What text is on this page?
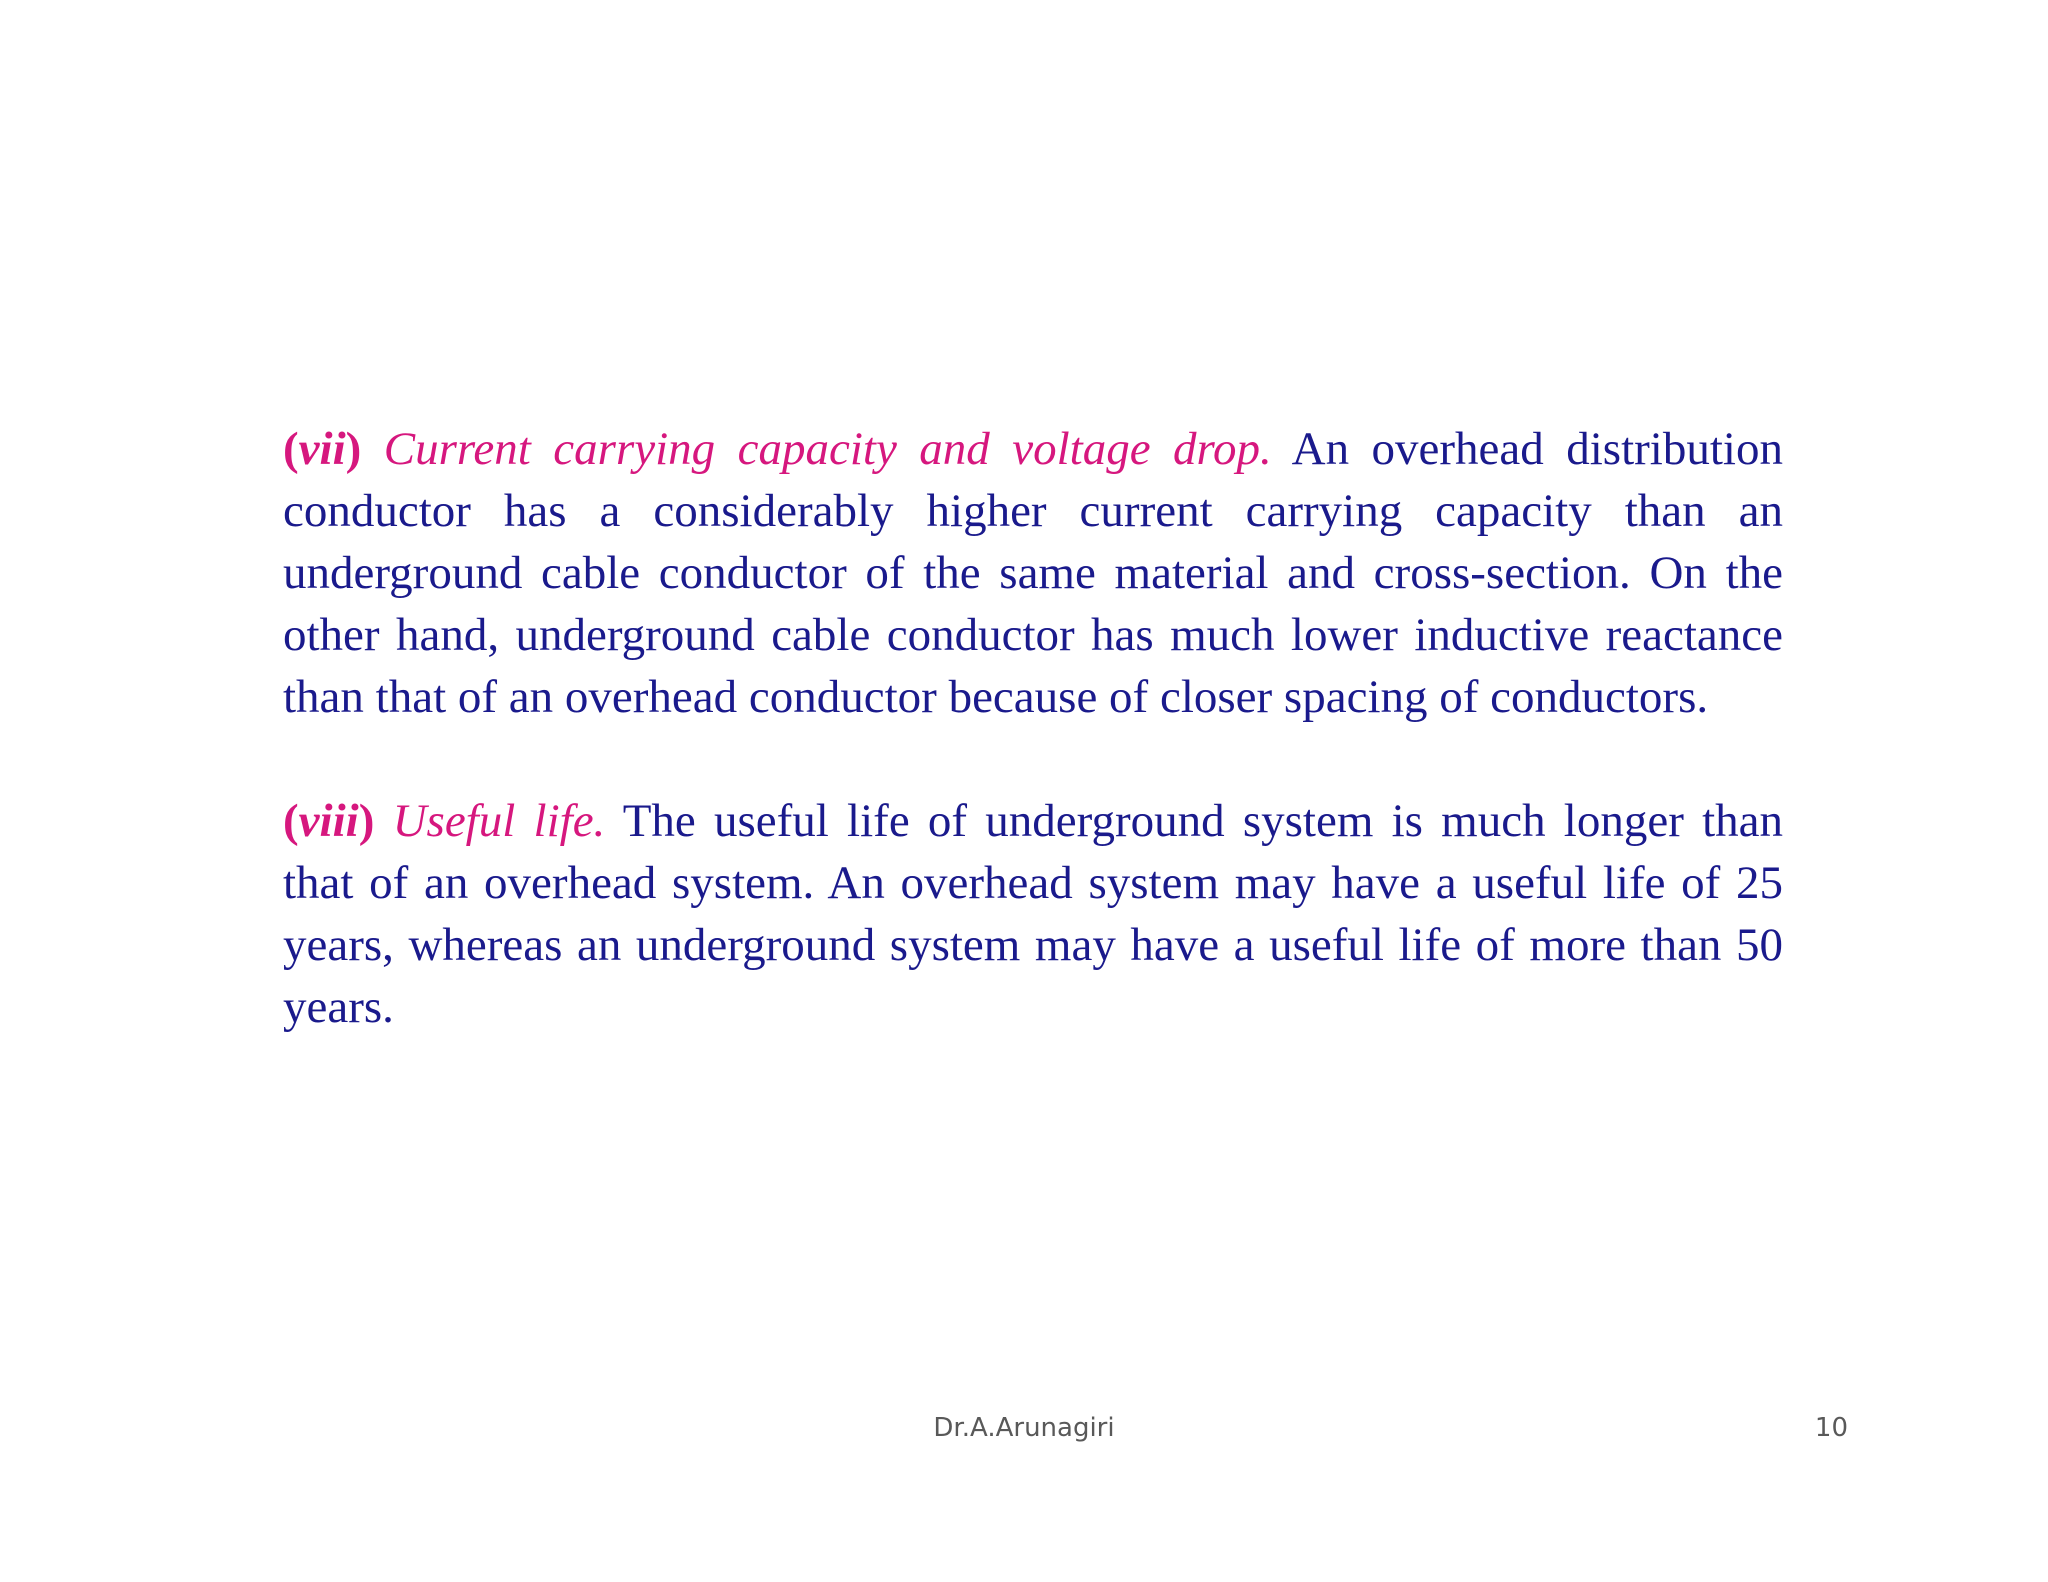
(vii) Current carrying capacity and voltage drop. An overhead distribution conductor has a considerably higher current carrying capacity than an underground cable conductor of the same material and cross-section. On the other hand, underground cable conductor has much lower inductive reactance than that of an overhead conductor because of closer spacing of conductors.

(viii) Useful life. The useful life of underground system is much longer than that of an overhead system. An overhead system may have a useful life of 25 years, whereas an underground system may have a useful life of more than 50 years.

Dr.A.Arunagiri	10
